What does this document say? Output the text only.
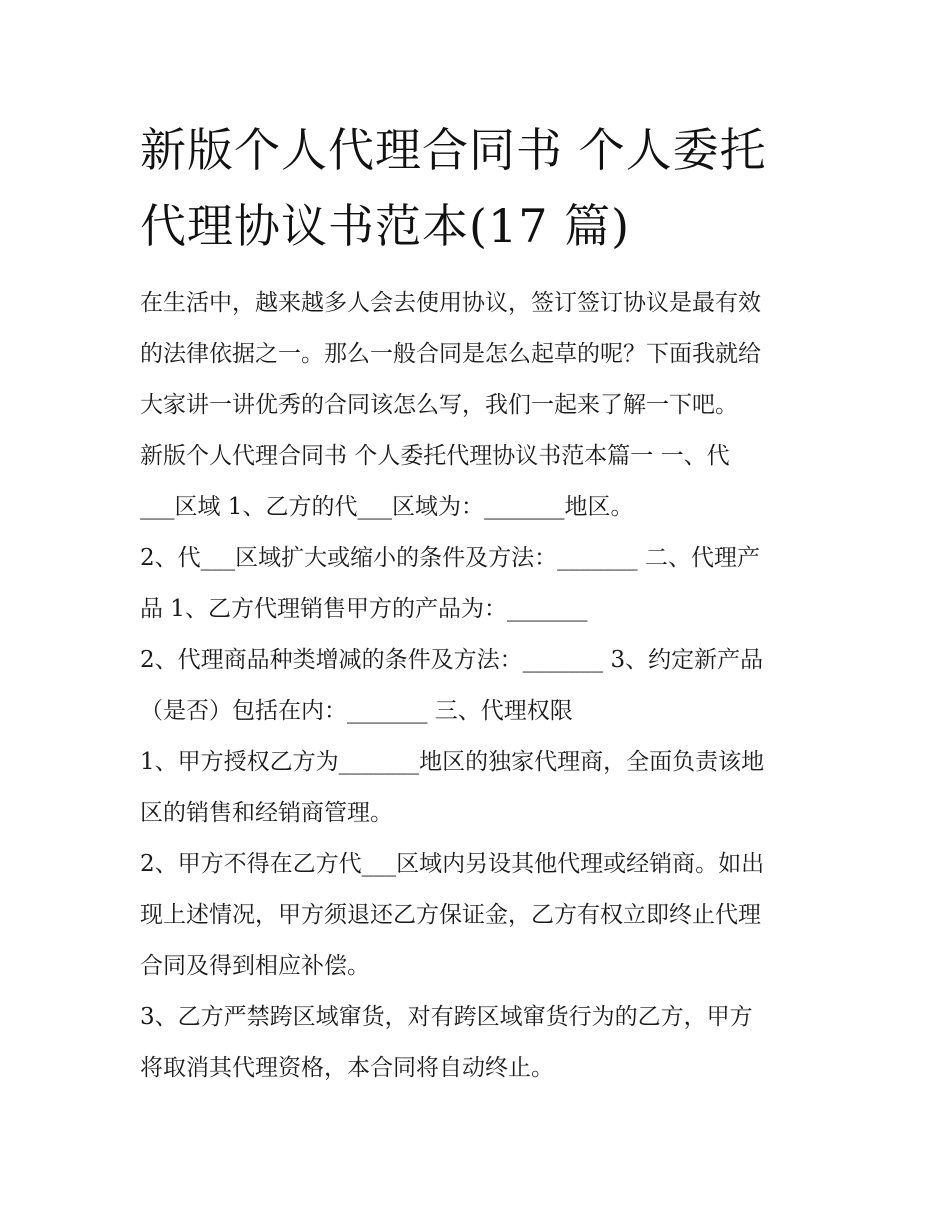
新版个人代理合同书 个人委托
代理协议书范本(17 篇)
在生活中，越来越多人会去使用协议，签订签订协议是最有效
的法律依据之一。那么一般合同是怎么起草的呢？下面我就给
大家讲一讲优秀的合同该怎么写，我们一起来了解一下吧。
新版个人代理合同书 个人委托代理协议书范本篇一 一、代
___区域 1、乙方的代___区域为：_______地区。
2、代___区域扩大或缩小的条件及方法：_______ 二、代理产
品 1、乙方代理销售甲方的产品为：_______
2、代理商品种类增减的条件及方法：_______ 3、约定新产品
（是否）包括在内：_______ 三、代理权限
1、甲方授权乙方为_______地区的独家代理商，全面负责该地
区的销售和经销商管理。
2、甲方不得在乙方代___区域内另设其他代理或经销商。如出
现上述情况，甲方须退还乙方保证金，乙方有权立即终止代理
合同及得到相应补偿。
3、乙方严禁跨区域窜货，对有跨区域窜货行为的乙方，甲方
将取消其代理资格，本合同将自动终止。
